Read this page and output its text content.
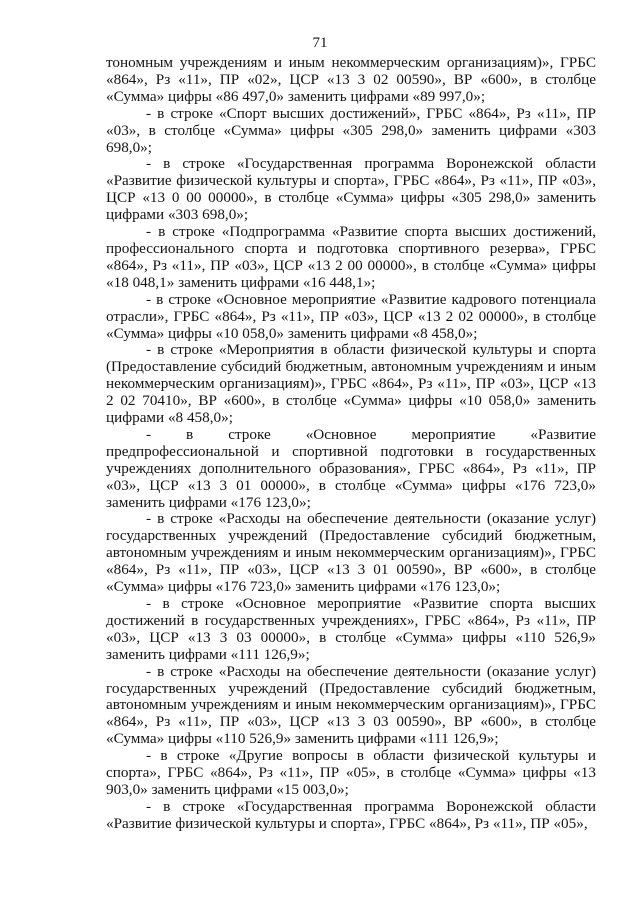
71

тономным учреждениям и иным некоммерческим организациям)», ГРБС «864», Рз «11», ПР «02», ЦСР «13 3 02 00590», ВР «600», в столбце «Сумма» цифры «86 497,0» заменить цифрами «89 997,0»;

- в строке «Спорт высших достижений», ГРБС «864», Рз «11», ПР «03», в столбце «Сумма» цифры «305 298,0» заменить цифрами «303 698,0»;

- в строке «Государственная программа Воронежской области «Развитие физической культуры и спорта», ГРБС «864», Рз «11», ПР «03», ЦСР «13 0 00 00000», в столбце «Сумма» цифры «305 298,0» заменить цифрами «303 698,0»;

- в строке «Подпрограмма «Развитие спорта высших достижений, профессионального спорта и подготовка спортивного резерва», ГРБС «864», Рз «11», ПР «03», ЦСР «13 2 00 00000», в столбце «Сумма» цифры «18 048,1» заменить цифрами «16 448,1»;

- в строке «Основное мероприятие «Развитие кадрового потенциала отрасли», ГРБС «864», Рз «11», ПР «03», ЦСР «13 2 02 00000», в столбце «Сумма» цифры «10 058,0» заменить цифрами «8 458,0»;

- в строке «Мероприятия в области физической культуры и спорта (Предоставление субсидий бюджетным, автономным учреждениям и иным некоммерческим организациям)», ГРБС «864», Рз «11», ПР «03», ЦСР «13 2 02 70410», ВР «600», в столбце «Сумма» цифры «10 058,0» заменить цифрами «8 458,0»;

- в строке «Основное мероприятие «Развитие предпрофессиональной и спортивной подготовки в государственных учреждениях дополнительного образования», ГРБС «864», Рз «11», ПР «03», ЦСР «13 3 01 00000», в столбце «Сумма» цифры «176 723,0» заменить цифрами «176 123,0»;

- в строке «Расходы на обеспечение деятельности (оказание услуг) государственных учреждений (Предоставление субсидий бюджетным, автономным учреждениям и иным некоммерческим организациям)», ГРБС «864», Рз «11», ПР «03», ЦСР «13 3 01 00590», ВР «600», в столбце «Сумма» цифры «176 723,0» заменить цифрами «176 123,0»;

- в строке «Основное мероприятие «Развитие спорта высших достижений в государственных учреждениях», ГРБС «864», Рз «11», ПР «03», ЦСР «13 3 03 00000», в столбце «Сумма» цифры «110 526,9» заменить цифрами «111 126,9»;

- в строке «Расходы на обеспечение деятельности (оказание услуг) государственных учреждений (Предоставление субсидий бюджетным, автономным учреждениям и иным некоммерческим организациям)», ГРБС «864», Рз «11», ПР «03», ЦСР «13 3 03 00590», ВР «600», в столбце «Сумма» цифры «110 526,9» заменить цифрами «111 126,9»;

- в строке «Другие вопросы в области физической культуры и спорта», ГРБС «864», Рз «11», ПР «05», в столбце «Сумма» цифры «13 903,0» заменить цифрами «15 003,0»;

- в строке «Государственная программа Воронежской области «Развитие физической культуры и спорта», ГРБС «864», Рз «11», ПР «05»,
